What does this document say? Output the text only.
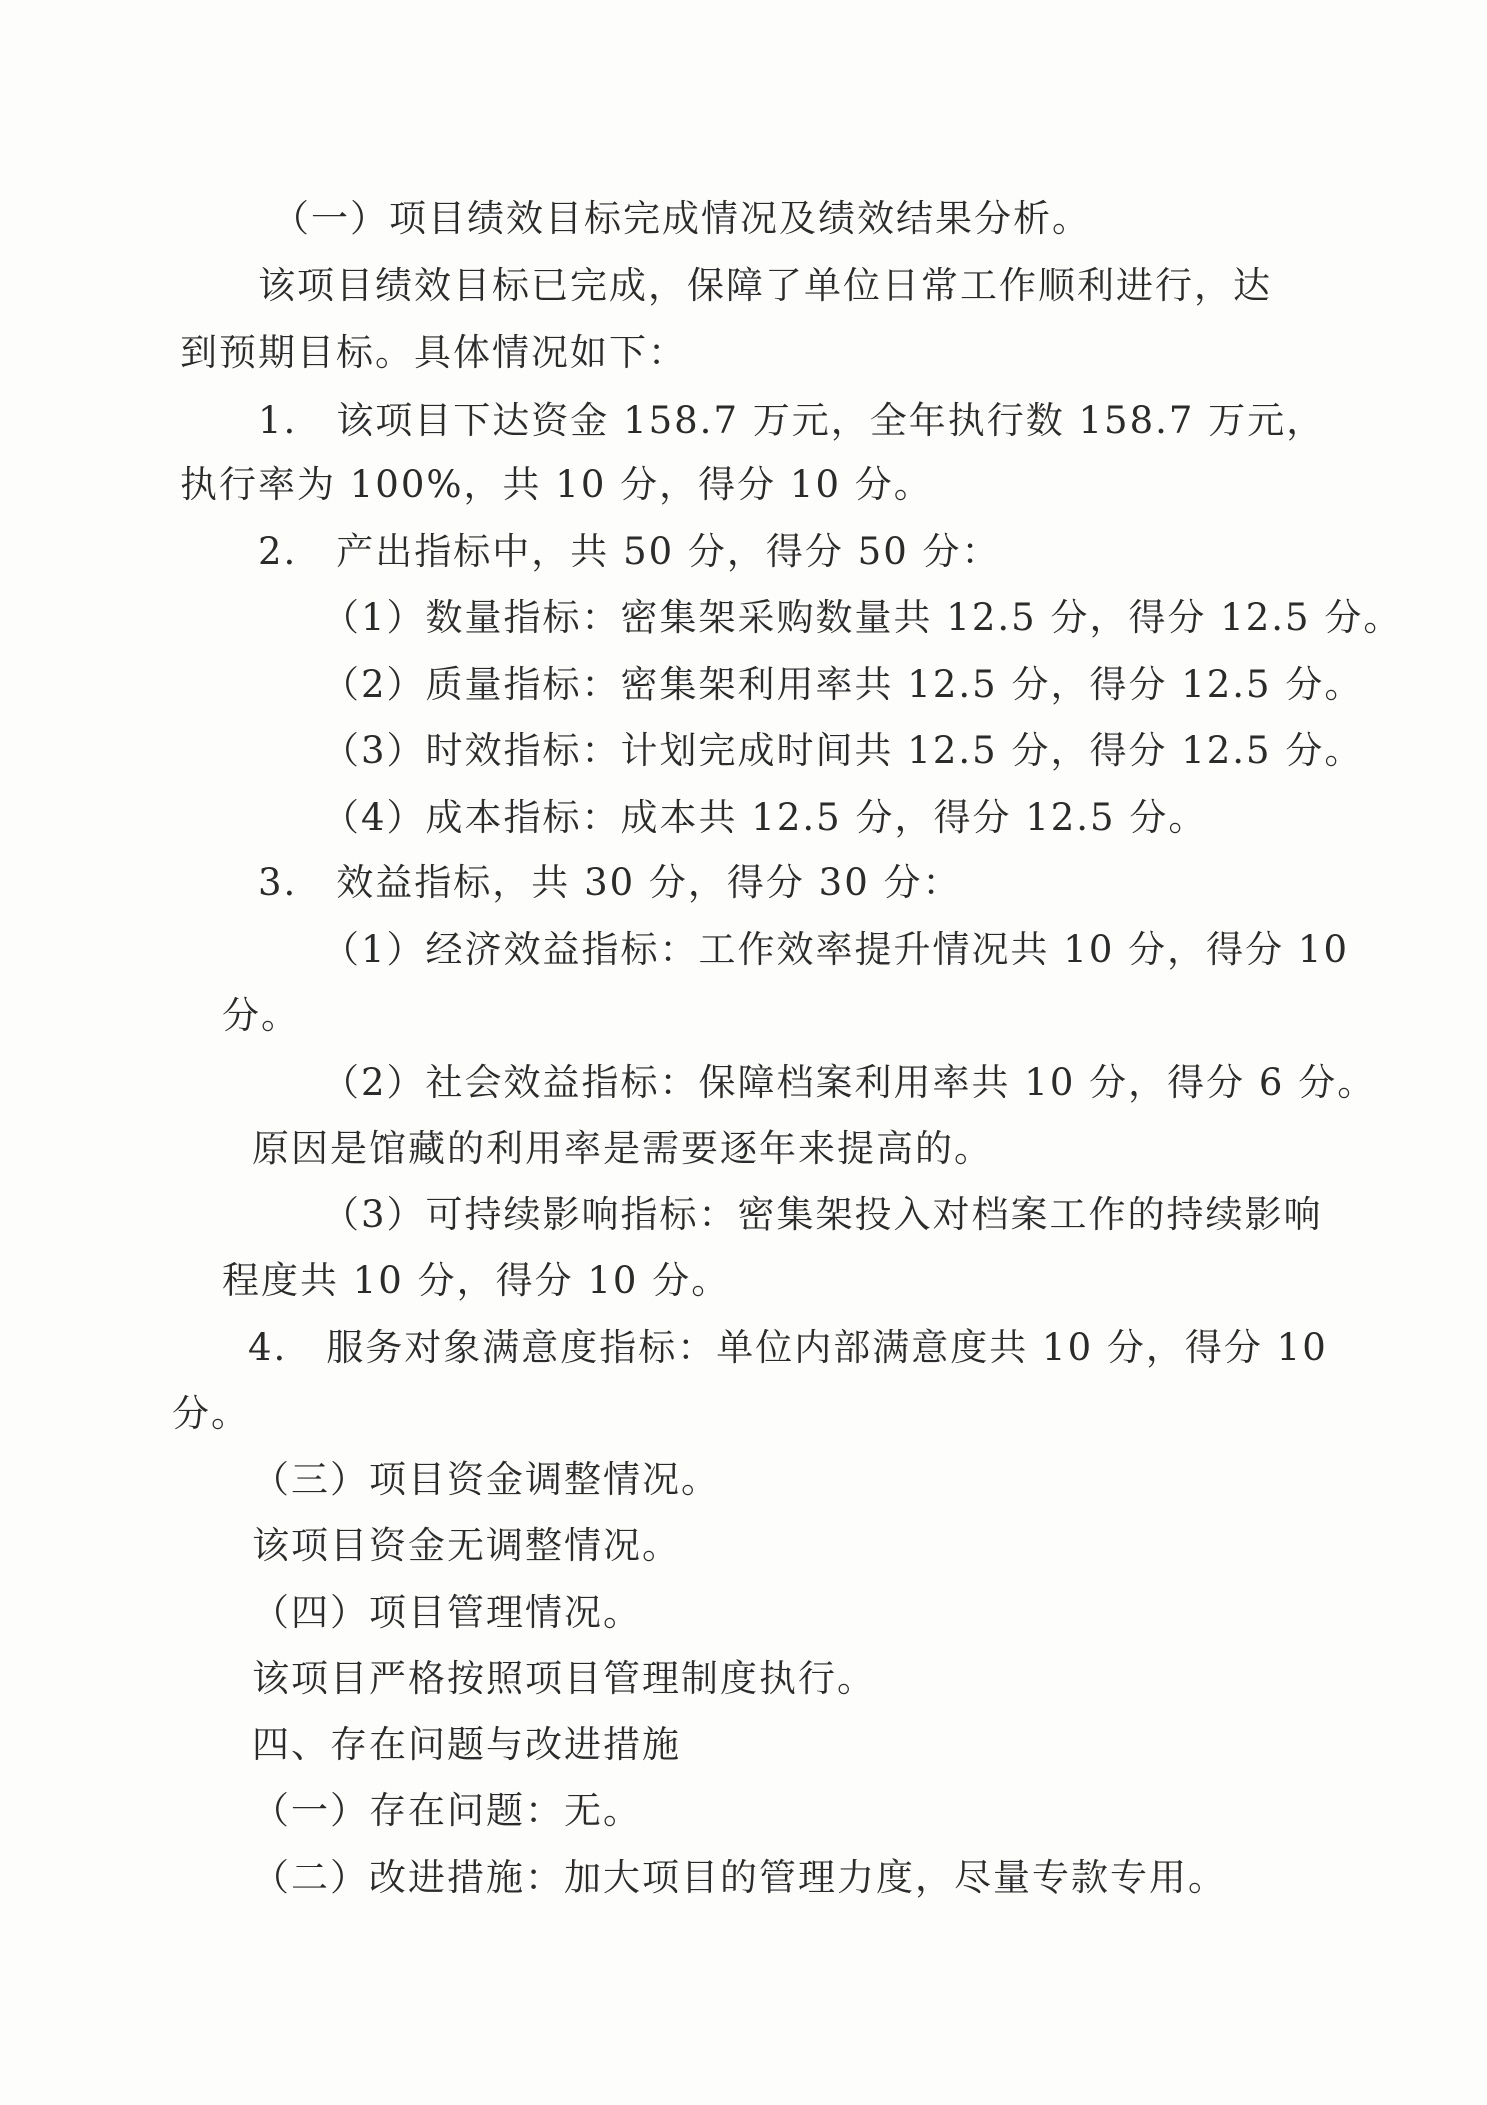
（一）项目绩效目标完成情况及绩效结果分析。
该项目绩效目标已完成，保障了单位日常工作顺利进行，达
到预期目标。具体情况如下：
1.　该项目下达资金 158.7 万元，全年执行数 158.7 万元，
执行率为 100%，共 10 分，得分 10 分。
2.　产出指标中，共 50 分，得分 50 分：
（1）数量指标：密集架采购数量共 12.5 分，得分 12.5 分。
（2）质量指标：密集架利用率共 12.5 分，得分 12.5 分。
（3）时效指标：计划完成时间共 12.5 分，得分 12.5 分。
（4）成本指标：成本共 12.5 分，得分 12.5 分。
3.　效益指标，共 30 分，得分 30 分：
（1）经济效益指标：工作效率提升情况共 10 分，得分 10
分。
（2）社会效益指标：保障档案利用率共 10 分，得分 6 分。
原因是馆藏的利用率是需要逐年来提高的。
（3）可持续影响指标：密集架投入对档案工作的持续影响
程度共 10 分，得分 10 分。
4.　服务对象满意度指标：单位内部满意度共 10 分，得分 10
分。
（三）项目资金调整情况。
该项目资金无调整情况。
（四）项目管理情况。
该项目严格按照项目管理制度执行。
四、存在问题与改进措施
（一）存在问题：无。
（二）改进措施：加大项目的管理力度，尽量专款专用。
